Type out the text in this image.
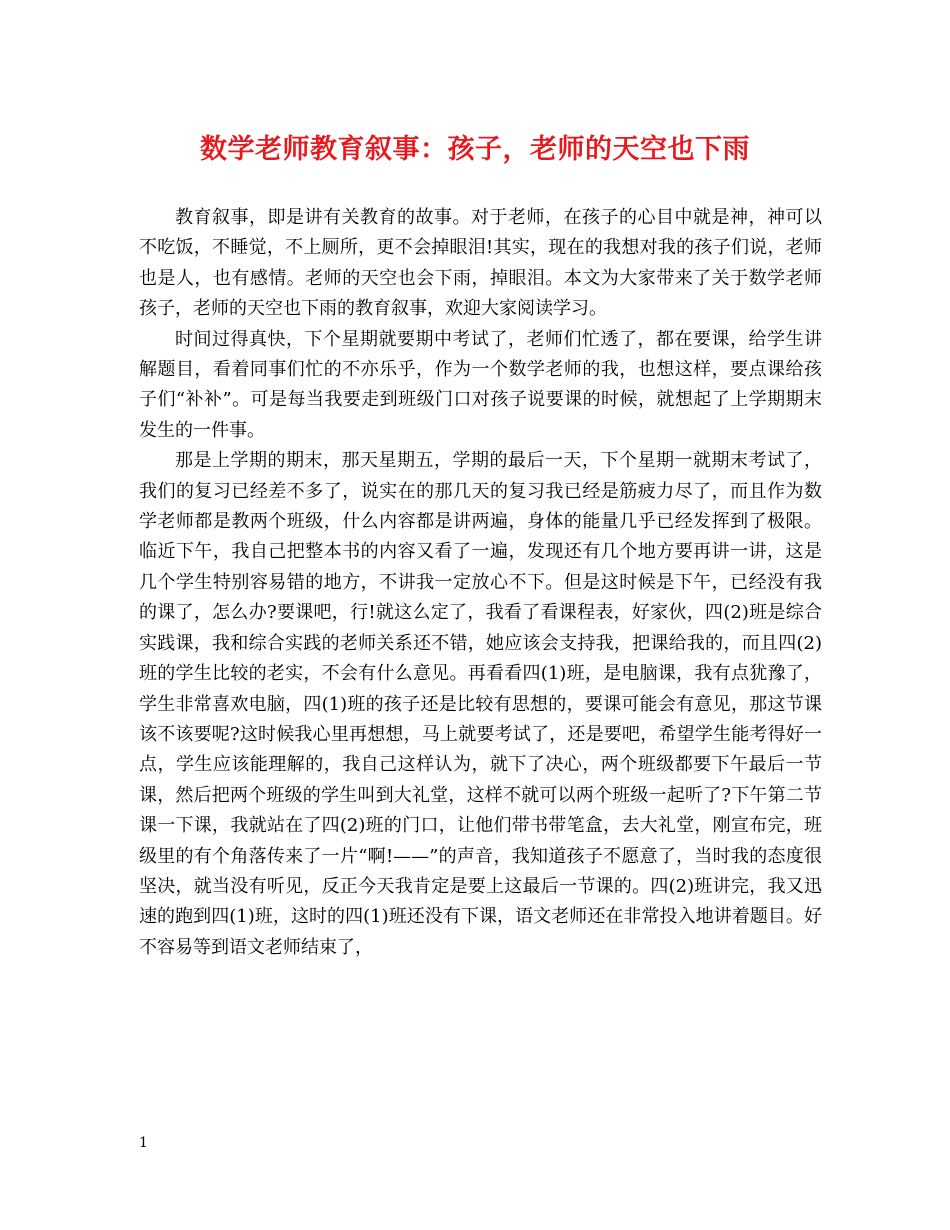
数学老师教育叙事：孩子，老师的天空也下雨

教育叙事，即是讲有关教育的故事。对于老师，在孩子的心目中就是神，神可以不吃饭，不睡觉，不上厕所，更不会掉眼泪!其实，现在的我想对我的孩子们说，老师也是人，也有感情。老师的天空也会下雨，掉眼泪。本文为大家带来了关于数学老师孩子，老师的天空也下雨的教育叙事，欢迎大家阅读学习。

时间过得真快，下个星期就要期中考试了，老师们忙透了，都在要课，给学生讲解题目，看着同事们忙的不亦乐乎，作为一个数学老师的我，也想这样，要点课给孩子们“补补”。可是每当我要走到班级门口对孩子说要课的时候，就想起了上学期期末发生的一件事。

那是上学期的期末，那天星期五，学期的最后一天，下个星期一就期末考试了，我们的复习已经差不多了，说实在的那几天的复习我已经是筋疲力尽了，而且作为数学老师都是教两个班级，什么内容都是讲两遍，身体的能量几乎已经发挥到了极限。临近下午，我自己把整本书的内容又看了一遍，发现还有几个地方要再讲一讲，这是几个学生特别容易错的地方，不讲我一定放心不下。但是这时候是下午，已经没有我的课了，怎么办?要课吧，行!就这么定了，我看了看课程表，好家伙，四(2)班是综合实践课，我和综合实践的老师关系还不错，她应该会支持我，把课给我的，而且四(2)班的学生比较的老实，不会有什么意见。再看看四(1)班，是电脑课，我有点犹豫了，学生非常喜欢电脑，四(1)班的孩子还是比较有思想的，要课可能会有意见，那这节课该不该要呢?这时候我心里再想想，马上就要考试了，还是要吧，希望学生能考得好一点，学生应该能理解的，我自己这样认为，就下了决心，两个班级都要下午最后一节课，然后把两个班级的学生叫到大礼堂，这样不就可以两个班级一起听了?下午第二节课一下课，我就站在了四(2)班的门口，让他们带书带笔盒，去大礼堂，刚宣布完，班级里的有个角落传来了一片“啊!——”的声音，我知道孩子不愿意了，当时我的态度很坚决，就当没有听见，反正今天我肯定是要上这最后一节课的。四(2)班讲完，我又迅速的跑到四(1)班，这时的四(1)班还没有下课，语文老师还在非常投入地讲着题目。好不容易等到语文老师结束了，

1
